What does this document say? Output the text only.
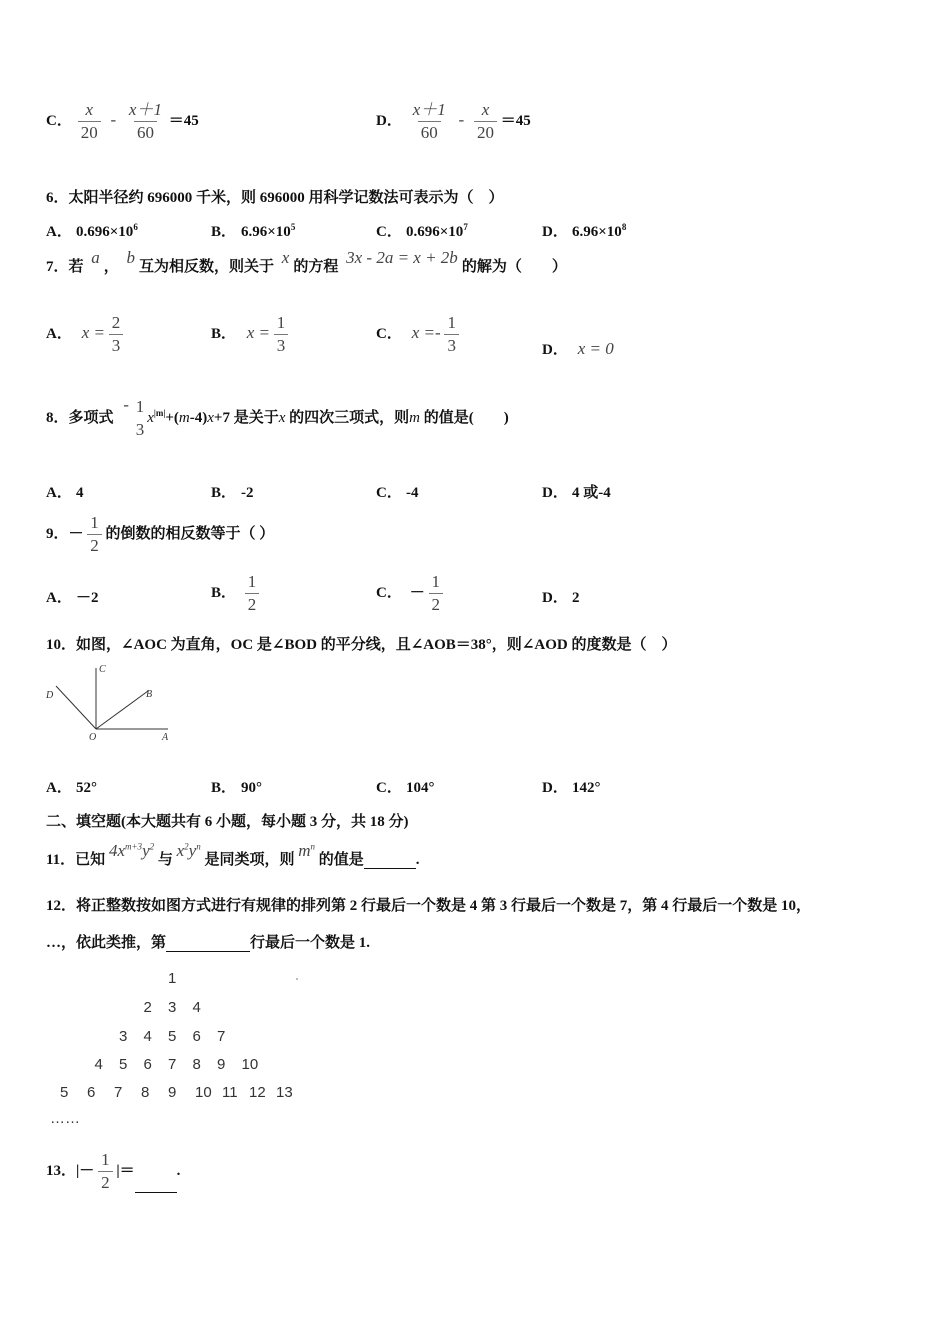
C． $\frac{x}{20} - \frac{x+1}{60} =45$	D． $\frac{x+1}{60} - \frac{x}{20} =45$
6．太阳半径约 696000 千米，则 696000 用科学记数法可表示为（　）
A． $0.696\times 10^6$	B． $6.96\times 10^5$	C． $0.696\times 10^7$	D． $6.96\times 10^8$
7．若 a ， b 互为相反数，则关于 x 的方程 3x - 2a = x + 2b 的解为（　　）
A． $x = \frac{2}{3}$	B． $x = \frac{1}{3}$	C． $x =- \frac{1}{3}$	D． x = 0
8．多项式 - $\frac{1}{3} x^{|m|}+(m-4)x+7$ 是关于x 的四次三项式，则m 的值是(　　)
A． 4	B． -2	C． -4	D． 4 或-4
9．－ $\frac{1}{2}$ 的倒数的相反数等于（ ）
A． －2	B． $\frac{1}{2}$	C． － $\frac{1}{2}$	D． 2
10．如图，∠AOC 为直角，OC 是∠BOD 的平分线，且∠AOB＝38°，则∠AOD 的度数是（　）
C
D	B
O	A
A． 52°	B． 90°	C． 104°	D． 142°
二、填空题(本大题共有 6 小题，每小题 3 分，共 18 分)
11．已知 $4x^{m+3}y^2$ 与 $x^2y^n$ 是同类项，则 $m^n$ 的值是	.
12．将正整数按如图方式进行有规律的排列第 2 行最后一个数是 4 第 3 行最后一个数是 7，第 4 行最后一个数是 10，
…，依此类推，第	行最后一个数是 1.
1
2 3 4
3 4 5 6 7
4 5 6 7 8 9 10
5 6 7 8 9 10 11 12 13
……
13．|－ $\frac{1}{2}$ |＝	.
